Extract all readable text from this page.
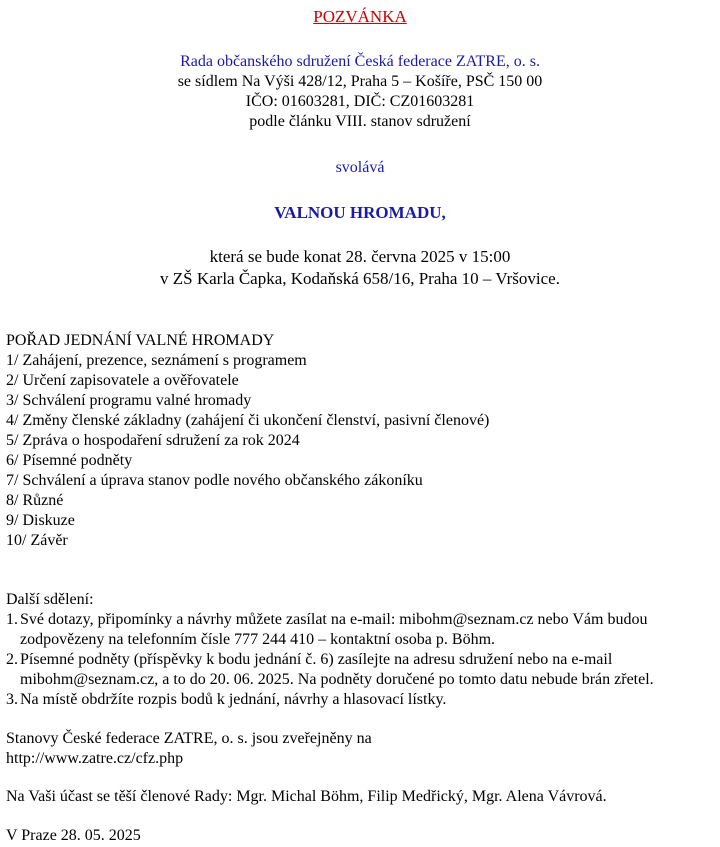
POZVÁNKA
Rada občanského sdružení Česká federace ZATRE, o. s.
se sídlem Na Výši 428/12, Praha 5 – Košíře, PSČ 150 00
IČO: 01603281, DIČ: CZ01603281
podle článku VIII. stanov sdružení
svolává
VALNOU HROMADU,
která se bude konat 28. června 2025 v 15:00
v ZŠ Karla Čapka, Kodaňská 658/16, Praha 10 – Vršovice.
POŘAD JEDNÁNÍ VALNÉ HROMADY
1/ Zahájení, prezence, seznámení s programem
2/ Určení zapisovatele a ověřovatele
3/ Schválení programu valné hromady
4/ Změny členské základny (zahájení či ukončení členství, pasivní členové)
5/ Zpráva o hospodaření sdružení za rok 2024
6/ Písemné podněty
7/ Schválení a úprava stanov podle nového občanského zákoníku
8/ Různé
9/ Diskuze
10/ Závěr
Další sdělení:
1. Své dotazy, připomínky a návrhy můžete zasílat na e-mail: mibohm@seznam.cz nebo Vám budou zodpovězeny na telefonním čísle 777 244 410 – kontaktní osoba p. Böhm.
2. Písemné podněty (příspěvky k bodu jednání č. 6) zasílejte na adresu sdružení nebo na e-mail mibohm@seznam.cz, a to do 20. 06. 2025. Na podněty doručené po tomto datu nebude brán zřetel.
3. Na místě obdržíte rozpis bodů k jednání, návrhy a hlasovací lístky.
Stanovy České federace ZATRE, o. s. jsou zveřejněny na
http://www.zatre.cz/cfz.php
Na Vaši účast se těší členové Rady: Mgr. Michal Böhm, Filip Medřický, Mgr. Alena Vávrová.
V Praze 28. 05. 2025
